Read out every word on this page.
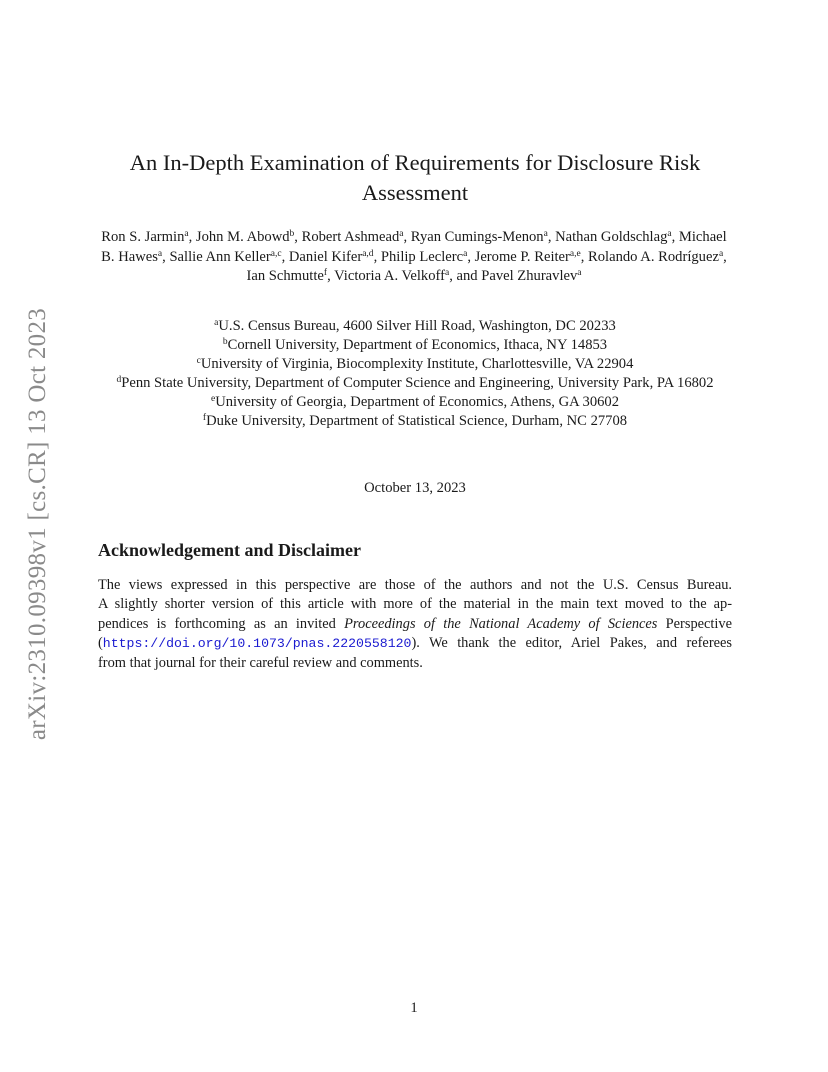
arXiv:2310.09398v1 [cs.CR] 13 Oct 2023
An In-Depth Examination of Requirements for Disclosure Risk
Assessment
Ron S. Jarmin$^a$, John M. Abowd$^b$, Robert Ashmead$^a$, Ryan Cumings-Menon$^a$, Nathan Goldschlag$^a$, Michael B. Hawes$^a$, Sallie Ann Keller$^{a,c}$, Daniel Kifer$^{a,d}$, Philip Leclerc$^a$, Jerome P. Reiter$^{a,e}$, Rolando A. Rodríguez$^a$, Ian Schmutte$^f$, Victoria A. Velkoff$^a$, and Pavel Zhuravlev$^a$
$^a$U.S. Census Bureau, 4600 Silver Hill Road, Washington, DC 20233
$^b$Cornell University, Department of Economics, Ithaca, NY 14853
$^c$University of Virginia, Biocomplexity Institute, Charlottesville, VA 22904
$^d$Penn State University, Department of Computer Science and Engineering, University Park, PA 16802
$^e$University of Georgia, Department of Economics, Athens, GA 30602
$^f$Duke University, Department of Statistical Science, Durham, NC 27708
October 13, 2023
Acknowledgement and Disclaimer
The views expressed in this perspective are those of the authors and not the U.S. Census Bureau.
A slightly shorter version of this article with more of the material in the main text moved to the ap-
pendices is forthcoming as an invited Proceedings of the National Academy of Sciences Perspective
(https://doi.org/10.1073/pnas.2220558120). We thank the editor, Ariel Pakes, and referees
from that journal for their careful review and comments.
1
